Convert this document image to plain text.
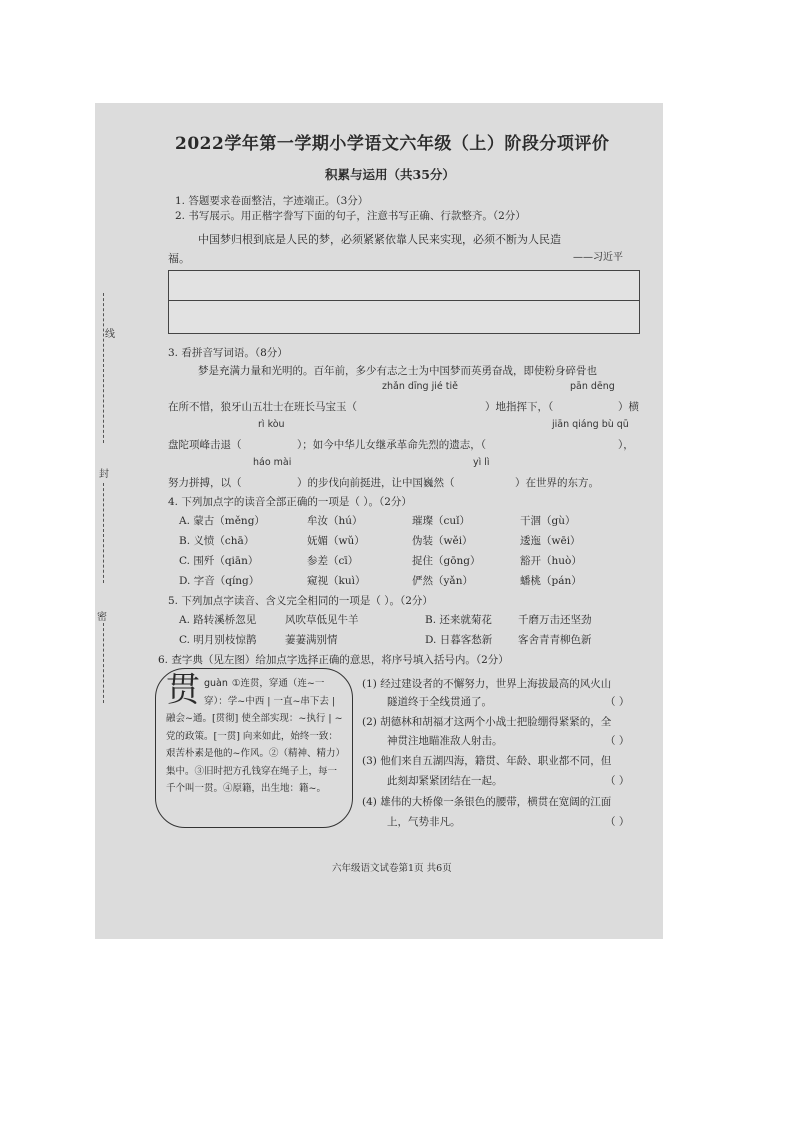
线
封
密
2022学年第一学期小学语文六年级（上）阶段分项评价
积累与运用（共35分）
1. 答题要求卷面整洁，字迹端正。（3分）
2. 书写展示。用正楷字誊写下面的句子，注意书写正确、行款整齐。（2分）
中国梦归根到底是人民的梦，必须紧紧依靠人民来实现，必须不断为人民造
福。	——习近平
3. 看拼音写词语。（8分）
梦是充满力量和光明的。百年前，多少有志之士为中国梦而英勇奋战，即使粉身碎骨也
zhǎn dīng jié tiě	pān dēng
在所不惜，狼牙山五壮士在班长马宝玉（	）地指挥下，（	）横
rì kòu	jiān qiáng bù qū
盘陀项峰击退（	）；如今中华儿女继承革命先烈的遗志，（	），
háo mài	yì lì
努力拼搏，以（	）的步伐向前挺进，让中国巍然（	）在世界的东方。
4. 下列加点字的读音全部正确的一项是（ ）。（2分）
A. 蒙古（měng）	牟汝（hú）	璀璨（cuǐ）	干涸（gù）
B. 义愤（chā）	妩媚（wǔ）	伪装（wěi）	逶迤（wēi）
C. 围歼（qiān）	参差（cī）	捉住（gōng）	豁开（huò）
D. 字音（qíng）	窥视（kuì）	俨然（yǎn）	蟠桃（pán）
5. 下列加点字读音、含义完全相同的一项是（ ）。（2分）
A. 路转溪桥忽见	风吹草低见牛羊	B. 还来就菊花 千磨万击还坚劲
C. 明月别枝惊鹊	萋萋满别情	D. 日暮客愁新 客舍青青柳色新
6. 查字典（见左图）给加点字选择正确的意思，将序号填入括号内。（2分）
贯 guàn ①连贯，穿通（连~一穿）：学~中西 | 一直~串下去 | 融会~通。[贯彻] 使全部实现：~执行 | ~党的政策。[一贯] 向来如此，始终一致：艰苦朴素是他的~作风。②（精神、精力）集中。③旧时把方孔钱穿在绳子上，每一千个叫一贯。④原籍，出生地：籍~。
(1) 经过建设者的不懈努力，世界上海拔最高的风火山
隧道终于全线贯通了。	（ ）
(2) 胡德林和胡福才这两个小战士把脸绷得紧紧的，全
神贯注地瞄准敌人射击。	（ ）
(3) 他们来自五湖四海，籍贯、年龄、职业都不同，但
此刻却紧紧团结在一起。	（ ）
(4) 雄伟的大桥像一条银色的腰带，横贯在宽阔的江面
上，气势非凡。	（ ）
六年级语文试卷第1页 共6页
